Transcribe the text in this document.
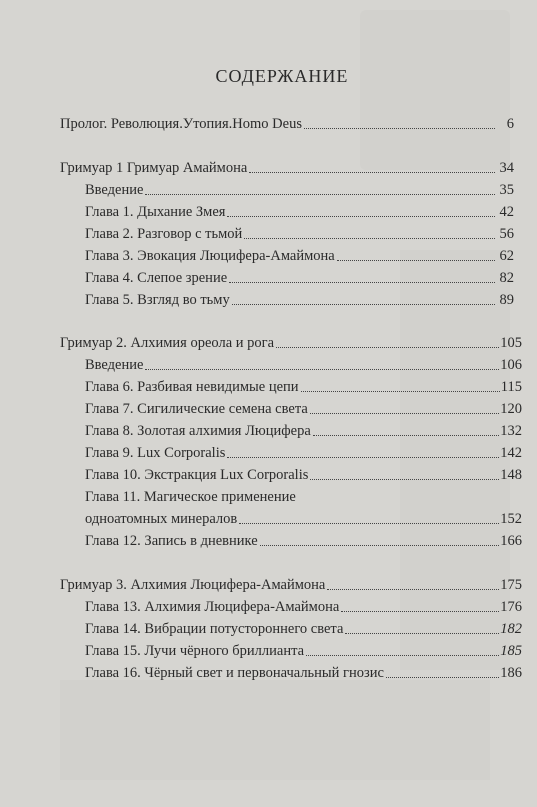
СОДЕРЖАНИЕ
Пролог. Революция.Утопия.Homo Deus	6
Гримуар 1 Гримуар Амаймона	34
Введение	35
Глава 1. Дыхание Змея	42
Глава 2. Разговор с тьмой	56
Глава 3. Эвокация Люцифера-Амаймона	62
Глава 4. Слепое зрение	82
Глава 5. Взгляд во тьму	89
Гримуар 2. Алхимия ореола и рога	105
Введение	106
Глава 6. Разбивая невидимые цепи	115
Глава 7. Сигилические семена света	120
Глава 8. Золотая алхимия Люцифера	132
Глава 9. Lux Corporalis	142
Глава 10. Экстракция Lux Corporalis	148
Глава 11. Магическое применение
одноатомных минералов	152
Глава 12. Запись в дневнике	166
Гримуар 3. Алхимия Люцифера-Амаймона	175
Глава 13. Алхимия Люцифера-Амаймона	176
Глава 14. Вибрации потустороннего света	182
Глава 15. Лучи чёрного бриллианта	185
Глава 16. Чёрный свет и первоначальный гнозис	186
